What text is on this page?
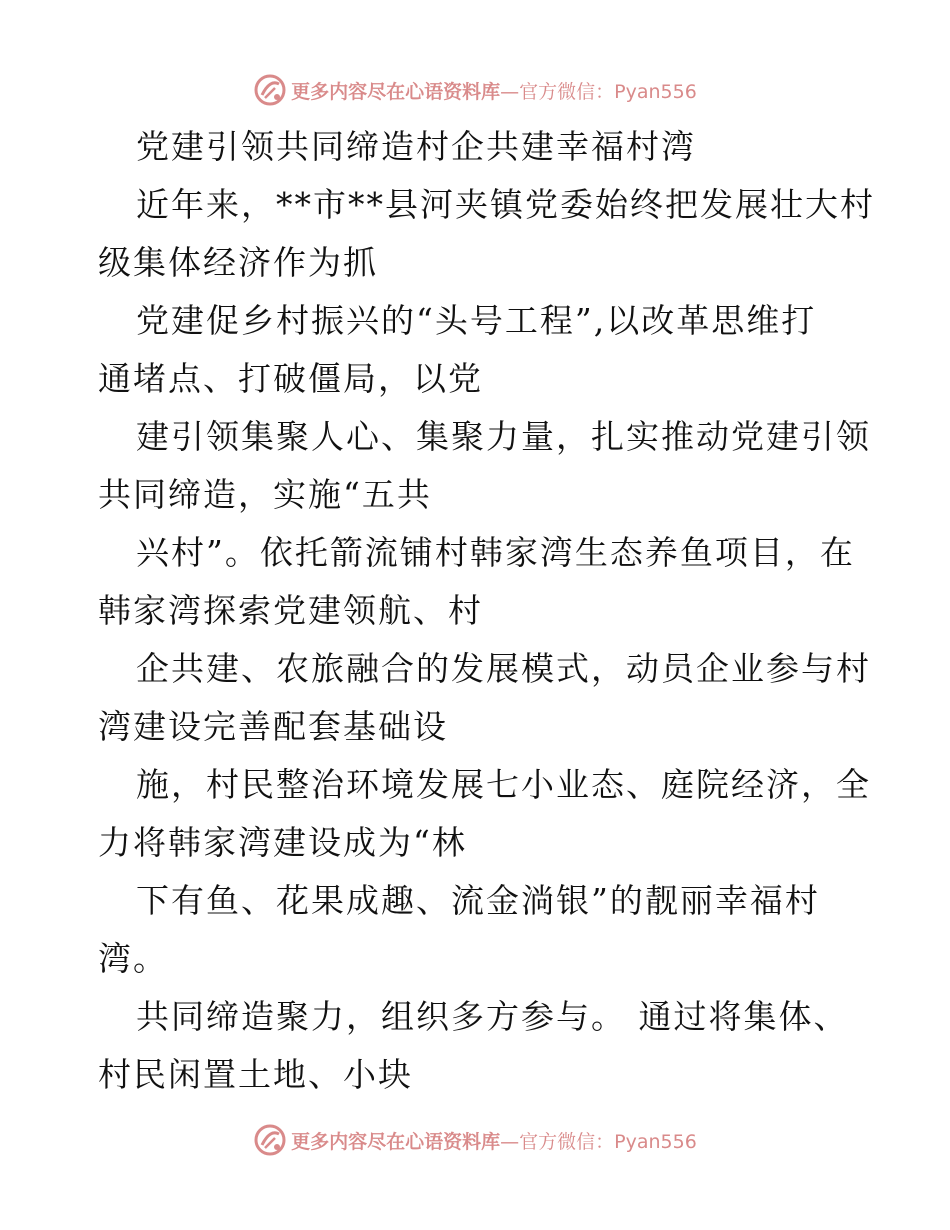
更多内容尽在心语资料库 —官方微信：Pyan556
党建引领共同缔造村企共建幸福村湾
近年来，**市**县河夹镇党委始终把发展壮大村
级集体经济作为抓
党建促乡村振兴的“头号工程”,以改革思维打
通堵点、打破僵局，以党
建引领集聚人心、集聚力量，扎实推动党建引领
共同缔造，实施“五共
兴村”。依托箭流铺村韩家湾生态养鱼项目，在
韩家湾探索党建领航、村
企共建、农旅融合的发展模式，动员企业参与村
湾建设完善配套基础设
施，村民整治环境发展七小业态、庭院经济，全
力将韩家湾建设成为“林
下有鱼、花果成趣、流金淌银”的靓丽幸福村
湾。
共同缔造聚力，组织多方参与。 通过将集体、
村民闲置土地、小块
更多内容尽在心语资料库 —官方微信：Pyan556
